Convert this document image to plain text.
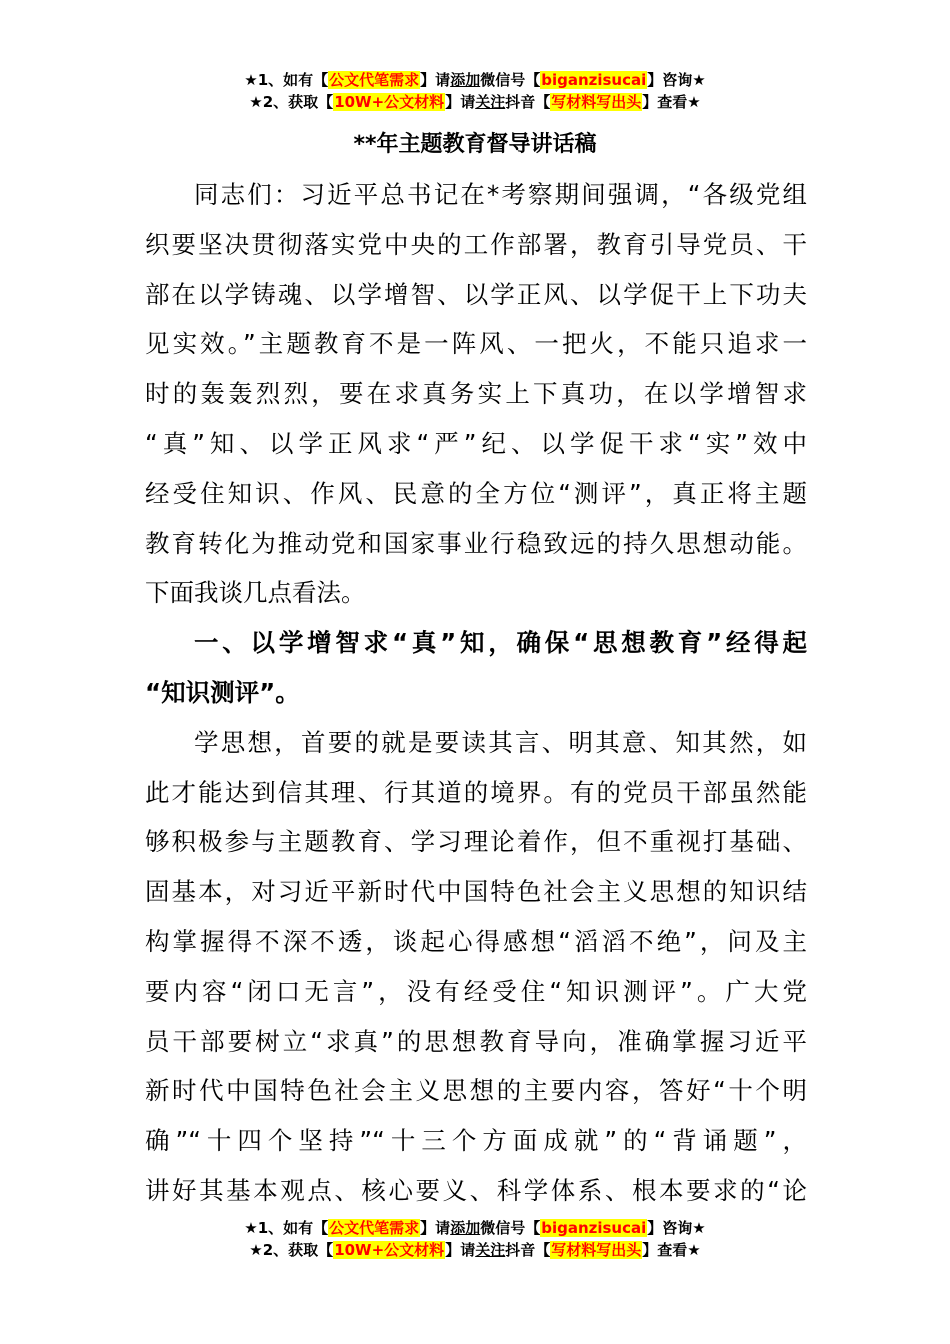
★1、如有【公文代笔需求】请添加微信号【biganzisucai】咨询★
★2、获取【10W+公文材料】请关注抖音【写材料写出头】查看★
**年主题教育督导讲话稿
同志们：习近平总书记在*考察期间强调，“各级党组
织要坚决贯彻落实党中央的工作部署，教育引导党员、干
部在以学铸魂、以学增智、以学正风、以学促干上下功夫
见实效。”主题教育不是一阵风、一把火，不能只追求一
时的轰轰烈烈，要在求真务实上下真功，在以学增智求
“真”知、以学正风求“严”纪、以学促干求“实”效中
经受住知识、作风、民意的全方位“测评”，真正将主题
教育转化为推动党和国家事业行稳致远的持久思想动能。
下面我谈几点看法。
一、以学增智求“真”知，确保“思想教育”经得起
“知识测评”。
学思想，首要的就是要读其言、明其意、知其然，如
此才能达到信其理、行其道的境界。有的党员干部虽然能
够积极参与主题教育、学习理论着作，但不重视打基础、
固基本，对习近平新时代中国特色社会主义思想的知识结
构掌握得不深不透，谈起心得感想“滔滔不绝”，问及主
要内容“闭口无言”，没有经受住“知识测评”。广大党
员干部要树立“求真”的思想教育导向，准确掌握习近平
新时代中国特色社会主义思想的主要内容，答好“十个明
确”“十四个坚持”“十三个方面成就”的“背诵题”，
讲好其基本观点、核心要义、科学体系、根本要求的“论
★1、如有【公文代笔需求】请添加微信号【biganzisucai】咨询★
★2、获取【10W+公文材料】请关注抖音【写材料写出头】查看★
